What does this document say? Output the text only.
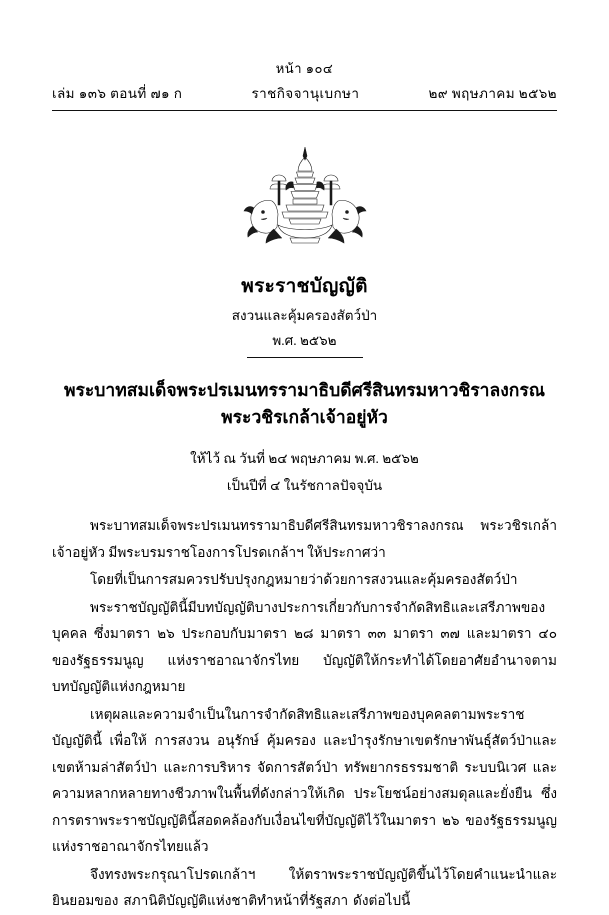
หน้า ๑๐๔
เล่ม ๑๓๖ ตอนที่ ๗๑ ก	ราชกิจจานุเบกษา	๒๙ พฤษภาคม ๒๕๖๒
พระราชบัญญัติ
สงวนและคุ้มครองสัตว์ป่า
พ.ศ. ๒๕๖๒
พระบาทสมเด็จพระปรเมนทรรามาธิบดีศรีสินทรมหาวชิราลงกรณ
พระวชิรเกล้าเจ้าอยู่หัว
ให้ไว้ ณ วันที่ ๒๔ พฤษภาคม พ.ศ. ๒๕๖๒
เป็นปีที่ ๔ ในรัชกาลปัจจุบัน

พระบาทสมเด็จพระปรเมนทรรามาธิบดีศรีสินทรมหาวชิราลงกรณ พระวชิรเกล้าเจ้าอยู่หัว มีพระบรมราชโองการโปรดเกล้าฯ ให้ประกาศว่า

โดยที่เป็นการสมควรปรับปรุงกฎหมายว่าด้วยการสงวนและคุ้มครองสัตว์ป่า

พระราชบัญญัตินี้มีบทบัญญัติบางประการเกี่ยวกับการจำกัดสิทธิและเสรีภาพของบุคคล ซึ่งมาตรา ๒๖ ประกอบกับมาตรา ๒๘ มาตรา ๓๓ มาตรา ๓๗ และมาตรา ๔๐ ของรัฐธรรมนูญ แห่งราชอาณาจักรไทย บัญญัติให้กระทำได้โดยอาศัยอำนาจตามบทบัญญัติแห่งกฎหมาย

เหตุผลและความจำเป็นในการจำกัดสิทธิและเสรีภาพของบุคคลตามพระราชบัญญัตินี้ เพื่อให้ การสงวน อนุรักษ์ คุ้มครอง และบำรุงรักษาเขตรักษาพันธุ์สัตว์ป่าและเขตห้ามล่าสัตว์ป่า และการบริหาร จัดการสัตว์ป่า ทรัพยากรธรรมชาติ ระบบนิเวศ และความหลากหลายทางชีวภาพในพื้นที่ดังกล่าวให้เกิด ประโยชน์อย่างสมดุลและยั่งยืน ซึ่งการตราพระราชบัญญัตินี้สอดคล้องกับเงื่อนไขที่บัญญัติไว้ในมาตรา ๒๖ ของรัฐธรรมนูญแห่งราชอาณาจักรไทยแล้ว

จึงทรงพระกรุณาโปรดเกล้าฯ ให้ตราพระราชบัญญัติขึ้นไว้โดยคำแนะนำและยินยอมของ สภานิติบัญญัติแห่งชาติทำหน้าที่รัฐสภา ดังต่อไปนี้
